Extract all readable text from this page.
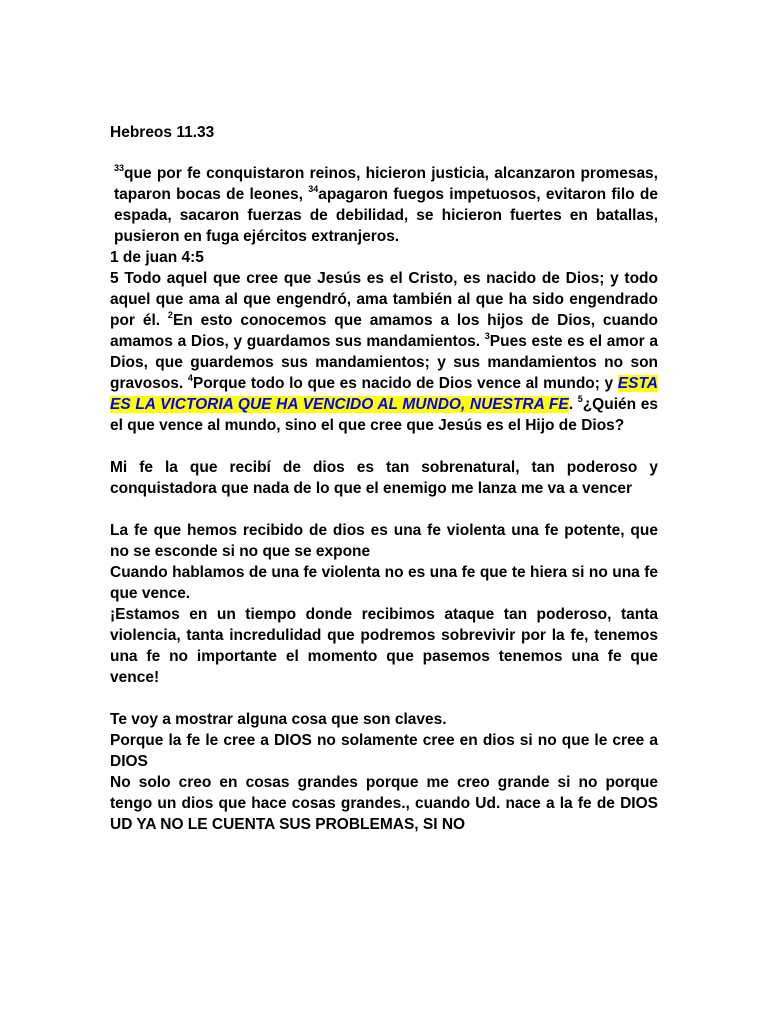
Hebreos 11.33

$^{33}$que por fe conquistaron reinos, hicieron justicia, alcanzaron promesas, taparon bocas de leones, $^{34}$apagaron fuegos impetuosos, evitaron filo de espada, sacaron fuerzas de debilidad, se hicieron fuertes en batallas, pusieron en fuga ejércitos extranjeros.

1 de juan 4:5

5 Todo aquel que cree que Jesús es el Cristo, es nacido de Dios; y todo aquel que ama al que engendró, ama también al que ha sido engendrado por él. $^2$En esto conocemos que amamos a los hijos de Dios, cuando amamos a Dios, y guardamos sus mandamientos. $^3$Pues este es el amor a Dios, que guardemos sus mandamientos; y sus mandamientos no son gravosos. $^4$Porque todo lo que es nacido de Dios vence al mundo; y ESTA ES LA VICTORIA QUE HA VENCIDO AL MUNDO, NUESTRA FE. $^5$¿Quién es el que vence al mundo, sino el que cree que Jesús es el Hijo de Dios?

Mi fe la que recibí de dios es tan sobrenatural, tan poderoso y conquistadora que nada de lo que el enemigo me lanza me va a vencer

La fe que hemos recibido de dios es una fe violenta una fe potente, que no se esconde si no que se expone

Cuando hablamos de una fe violenta no es una fe que te hiera si no una fe que vence.

¡Estamos en un tiempo donde recibimos ataque tan poderoso, tanta violencia, tanta incredulidad que podremos sobrevivir por la fe, tenemos una fe no importante el momento que pasemos tenemos una fe que vence!

Te voy a mostrar alguna cosa que son claves.

Porque la fe le cree a DIOS no solamente cree en dios si no que le cree a DIOS

No solo creo en cosas grandes porque me creo grande si no porque tengo un dios que hace cosas grandes., cuando Ud. nace a la fe de DIOS UD YA NO LE CUENTA SUS PROBLEMAS, SI NO
